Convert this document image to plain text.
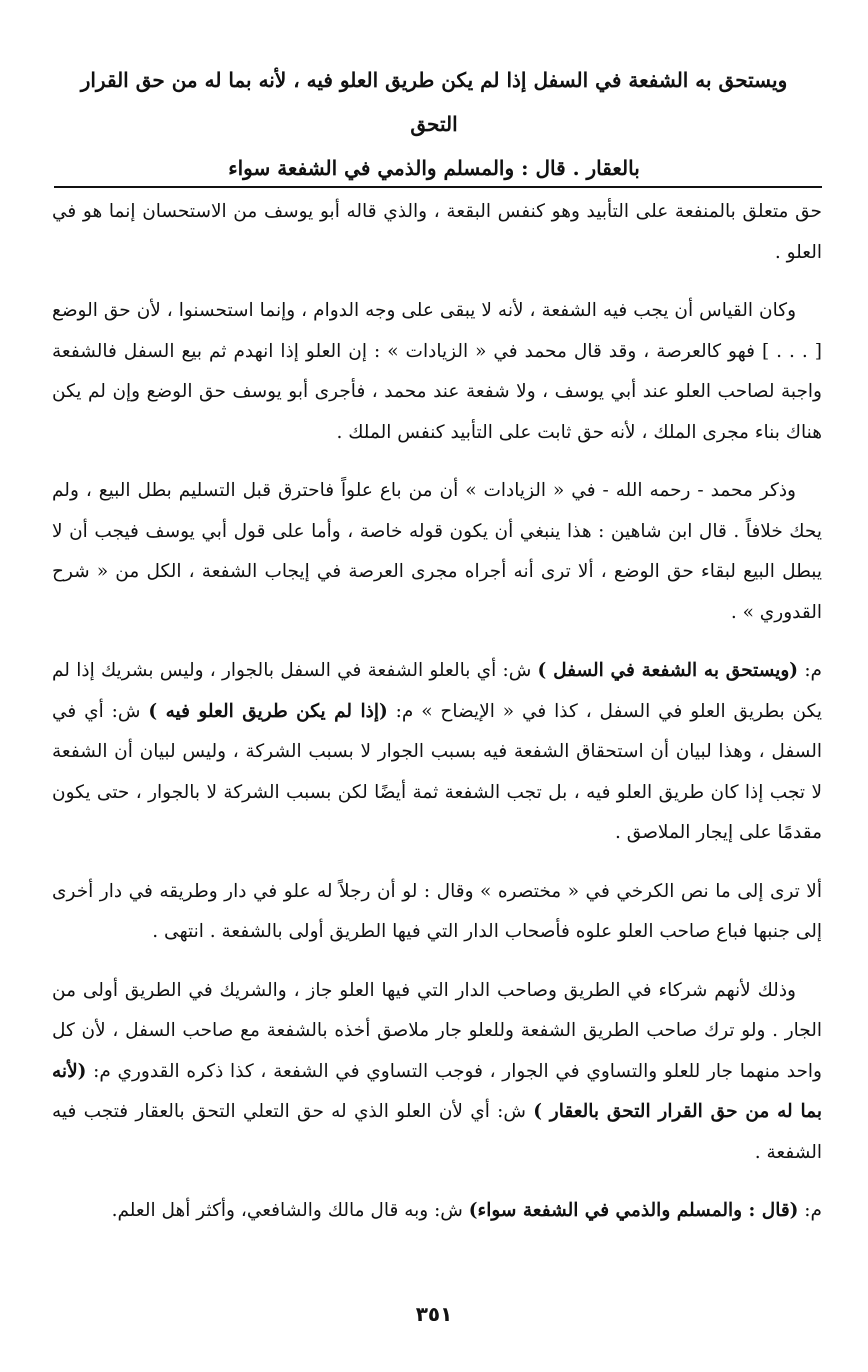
ويستحق به الشفعة في السفل إذا لم يكن طريق العلو فيه ، لأنه بما له من حق القرار التحق

بالعقار . قال : والمسلم والذمي في الشفعة سواء

حق متعلق بالمنفعة على التأبيد وهو كنفس البقعة ، والذي قاله أبو يوسف من الاستحسان إنما هو في العلو .

وكان القياس أن يجب فيه الشفعة ، لأنه لا يبقى على وجه الدوام ، وإنما استحسنوا ، لأن حق الوضع [ . . . ] فهو كالعرصة ، وقد قال محمد في « الزيادات » : إن العلو إذا انهدم ثم بيع السفل فالشفعة واجبة لصاحب العلو عند أبي يوسف ، ولا شفعة عند محمد ، فأجرى أبو يوسف حق الوضع وإن لم يكن هناك بناء مجرى الملك ، لأنه حق ثابت على التأبيد كنفس الملك .

وذكر محمد - رحمه الله - في « الزيادات » أن من باع علواً فاحترق قبل التسليم بطل البيع ، ولم يحك خلافاً . قال ابن شاهين : هذا ينبغي أن يكون قوله خاصة ، وأما على قول أبي يوسف فيجب أن لا يبطل البيع لبقاء حق الوضع ، ألا ترى أنه أجراه مجرى العرصة في إيجاب الشفعة ، الكل من « شرح القدوري » .

م: (ويستحق به الشفعة في السفل ) ش: أي بالعلو الشفعة في السفل بالجوار ، وليس بشريك إذا لم يكن بطريق العلو في السفل ، كذا في « الإيضاح » م: (إذا لم يكن طريق العلو فيه ) ش: أي في السفل ، وهذا لبيان أن استحقاق الشفعة فيه بسبب الجوار لا بسبب الشركة ، وليس لبيان أن الشفعة لا تجب إذا كان طريق العلو فيه ، بل تجب الشفعة ثمة أيضًا لكن بسبب الشركة لا بالجوار ، حتى يكون مقدمًا على إيجار الملاصق .

ألا ترى إلى ما نص الكرخي في « مختصره » وقال : لو أن رجلاً له علو في دار وطريقه في دار أخرى إلى جنبها فباع صاحب العلو علوه فأصحاب الدار التي فيها الطريق أولى بالشفعة . انتهى .

وذلك لأنهم شركاء في الطريق وصاحب الدار التي فيها العلو جاز ، والشريك في الطريق أولى من الجار . ولو ترك صاحب الطريق الشفعة وللعلو جار ملاصق أخذه بالشفعة مع صاحب السفل ، لأن كل واحد منهما جار للعلو والتساوي في الجوار ، فوجب التساوي في الشفعة ، كذا ذكره القدوري م: (لأنه بما له من حق القرار التحق بالعقار ) ش: أي لأن العلو الذي له حق التعلي التحق بالعقار فتجب فيه الشفعة .

م: (قال : والمسلم والذمي في الشفعة سواء) ش: وبه قال مالك والشافعي، وأكثر أهل العلم.

٣٥١
